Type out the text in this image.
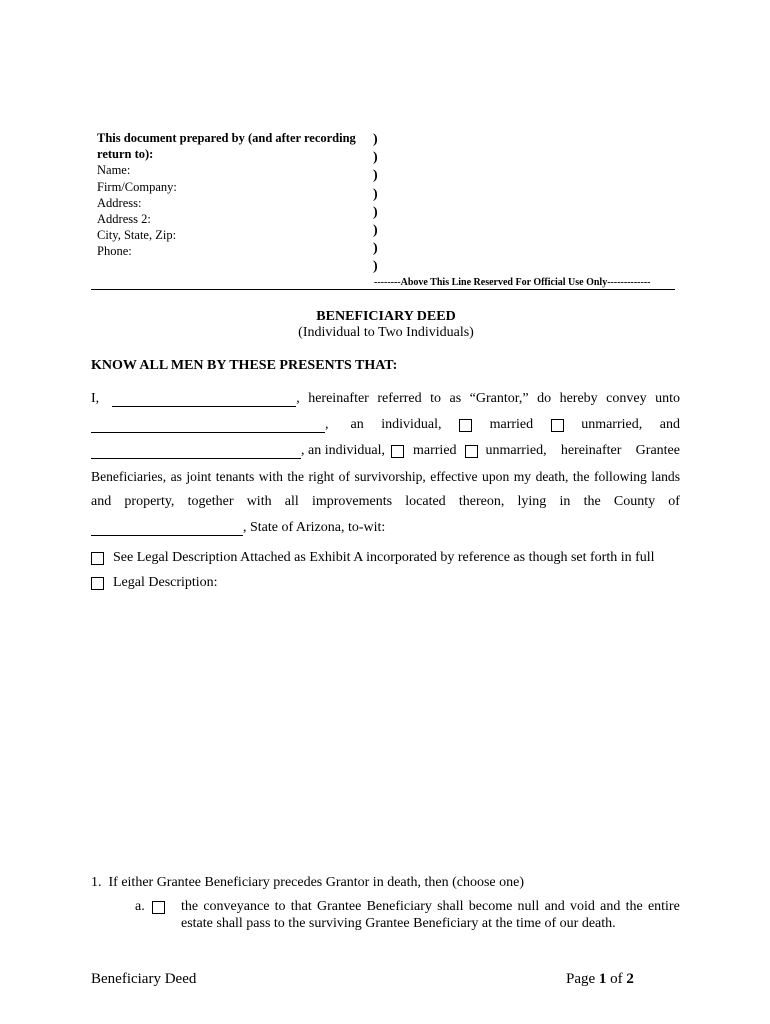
This document prepared by (and after recording
return to):
Name:
Firm/Company:
Address:
Address 2:
City, State, Zip:
Phone:
)
)
)
)
)
)
)
)
--------Above This Line Reserved For Official Use Only-------------
BENEFICIARY DEED
(Individual to Two Individuals)
KNOW ALL MEN BY THESE PRESENTS THAT:
I,	, hereinafter referred to as “Grantor,” do hereby convey unto
, an individual,	married	unmarried, and
, an individual, married unmarried, hereinafter Grantee
Beneficiaries, as joint tenants with the right of survivorship, effective upon my death, the following lands
and property, together with all improvements located thereon, lying in the County of
, State of Arizona, to-wit:
See Legal Description Attached as Exhibit A incorporated by reference as though set forth in full
Legal Description:
1.  If either Grantee Beneficiary precedes Grantor in death, then (choose one)
a.	the conveyance to that Grantee Beneficiary shall become null and void and the entire
estate shall pass to the surviving Grantee Beneficiary at the time of our death.
Beneficiary Deed	Page 1 of 2
